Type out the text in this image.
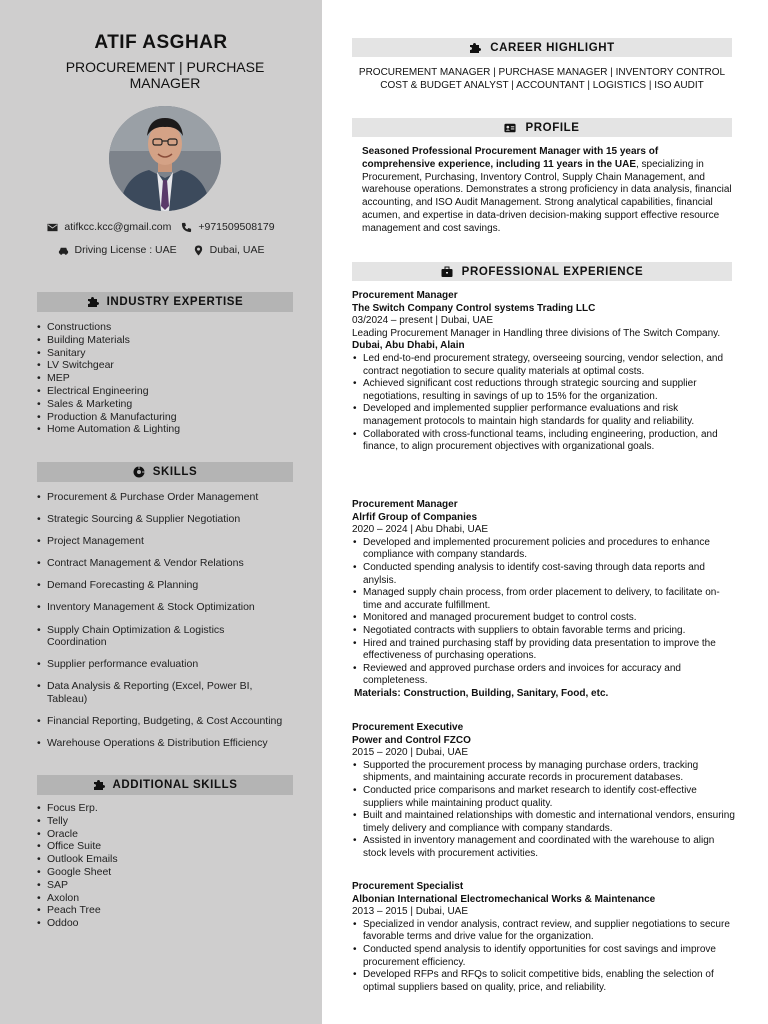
ATIF ASGHAR
PROCUREMENT | PURCHASE MANAGER
atifkcc.kcc@gmail.com	+971509508179
Driving License : UAE	Dubai, UAE
INDUSTRY EXPERTISE
• Constructions
• Building Materials
• Sanitary
• LV Switchgear
• MEP
• Electrical Engineering
• Sales & Marketing
• Production & Manufacturing
• Home Automation & Lighting
SKILLS
• Procurement & Purchase Order Management
• Strategic Sourcing & Supplier Negotiation
• Project Management
• Contract Management & Vendor Relations
• Demand Forecasting & Planning
• Inventory Management & Stock Optimization
• Supply Chain Optimization & Logistics Coordination
• Supplier performance evaluation
• Data Analysis & Reporting (Excel, Power BI, Tableau)
• Financial Reporting, Budgeting, & Cost Accounting
• Warehouse Operations & Distribution Efficiency
ADDITIONAL SKILLS
• Focus Erp.
• Telly
• Oracle
• Office Suite
• Outlook Emails
• Google Sheet
• SAP
• Axolon
• Peach Tree
• Oddoo
CAREER HIGHLIGHT
PROCUREMENT MANAGER | PURCHASE MANAGER | INVENTORY CONTROL
COST & BUDGET ANALYST | ACCOUNTANT | LOGISTICS | ISO AUDIT
PROFILE
Seasoned Professional Procurement Manager with 15 years of comprehensive experience, including 11 years in the UAE, specializing in Procurement, Purchasing, Inventory Control, Supply Chain Management, and warehouse operations. Demonstrates a strong proficiency in data analysis, financial accounting, and ISO Audit Management. Strong analytical capabilities, financial acumen, and expertise in data-driven decision-making support effective resource management and cost savings.
PROFESSIONAL EXPERIENCE
Procurement Manager
The Switch Company Control systems Trading LLC
03/2024 – present | Dubai, UAE
Leading Procurement Manager in Handling three divisions of The Switch Company. Dubai, Abu Dhabi, Alain
• Led end-to-end procurement strategy, overseeing sourcing, vendor selection, and contract negotiation to secure quality materials at optimal costs.
• Achieved significant cost reductions through strategic sourcing and supplier negotiations, resulting in savings of up to 15% for the organization.
• Developed and implemented supplier performance evaluations and risk management protocols to maintain high standards for quality and reliability.
• Collaborated with cross-functional teams, including engineering, production, and finance, to align procurement objectives with organizational goals.
Procurement Manager
Alrfif Group of Companies
2020 – 2024 | Abu Dhabi, UAE
• Developed and implemented procurement policies and procedures to enhance compliance with company standards.
• Conducted spending analysis to identify cost-saving through data reports and anylsis.
• Managed supply chain process, from order placement to delivery, to facilitate on-time and accurate fulfillment.
• Monitored and managed procurement budget to control costs.
• Negotiated contracts with suppliers to obtain favorable terms and pricing.
• Hired and trained purchasing staff by providing data presentation to improve the effectiveness of purchasing operations.
• Reviewed and approved purchase orders and invoices for accuracy and completeness.
Materials: Construction, Building, Sanitary, Food, etc.
Procurement Executive
Power and Control FZCO
2015 – 2020 | Dubai, UAE
• Supported the procurement process by managing purchase orders, tracking shipments, and maintaining accurate records in procurement databases.
• Conducted price comparisons and market research to identify cost-effective suppliers while maintaining product quality.
• Built and maintained relationships with domestic and international vendors, ensuring timely delivery and compliance with company standards.
• Assisted in inventory management and coordinated with the warehouse to align stock levels with procurement activities.
Procurement Specialist
Albonian International Electromechanical Works & Maintenance
2013 – 2015 | Dubai, UAE
• Specialized in vendor analysis, contract review, and supplier negotiations to secure favorable terms and drive value for the organization.
• Conducted spend analysis to identify opportunities for cost savings and improve procurement efficiency.
• Developed RFPs and RFQs to solicit competitive bids, enabling the selection of optimal suppliers based on quality, price, and reliability.
